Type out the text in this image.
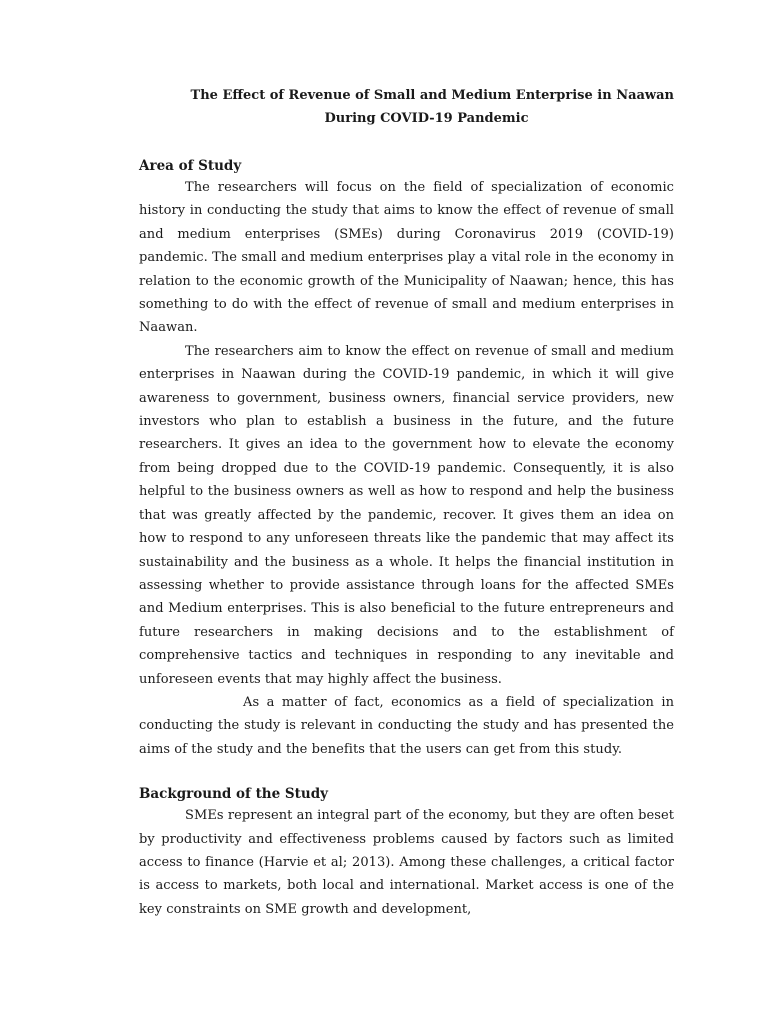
The Effect of Revenue of Small and Medium Enterprise in Naawan
During COVID-19 Pandemic
Area of Study

The researchers will focus on the field of specialization of economic history in conducting the study that aims to know the effect of revenue of small and medium enterprises (SMEs) during Coronavirus 2019 (COVID-19) pandemic. The small and medium enterprises play a vital role in the economy in relation to the economic growth of the Municipality of Naawan; hence, this has something to do with the effect of revenue of small and medium enterprises in Naawan.

The researchers aim to know the effect on revenue of small and medium enterprises in Naawan during the COVID-19 pandemic, in which it will give awareness to government, business owners, financial service providers, new investors who plan to establish a business in the future, and the future researchers. It gives an idea to the government how to elevate the economy from being dropped due to the COVID-19 pandemic. Consequently, it is also helpful to the business owners as well as how to respond and help the business that was greatly affected by the pandemic, recover. It gives them an idea on how to respond to any unforeseen threats like the pandemic that may affect its sustainability and the business as a whole. It helps the financial institution in assessing whether to provide assistance through loans for the affected SMEs and Medium enterprises. This is also beneficial to the future entrepreneurs and future researchers in making decisions and to the establishment of comprehensive tactics and techniques in responding to any inevitable and unforeseen events that may highly affect the business.

As a matter of fact, economics as a field of specialization in conducting the study is relevant in conducting the study and has presented the aims of the study and the benefits that the users can get from this study.

Background of the Study

SMEs represent an integral part of the economy, but they are often beset by productivity and effectiveness problems caused by factors such as limited access to finance (Harvie et al; 2013). Among these challenges, a critical factor is access to markets, both local and international. Market access is one of the key constraints on SME growth and development,
